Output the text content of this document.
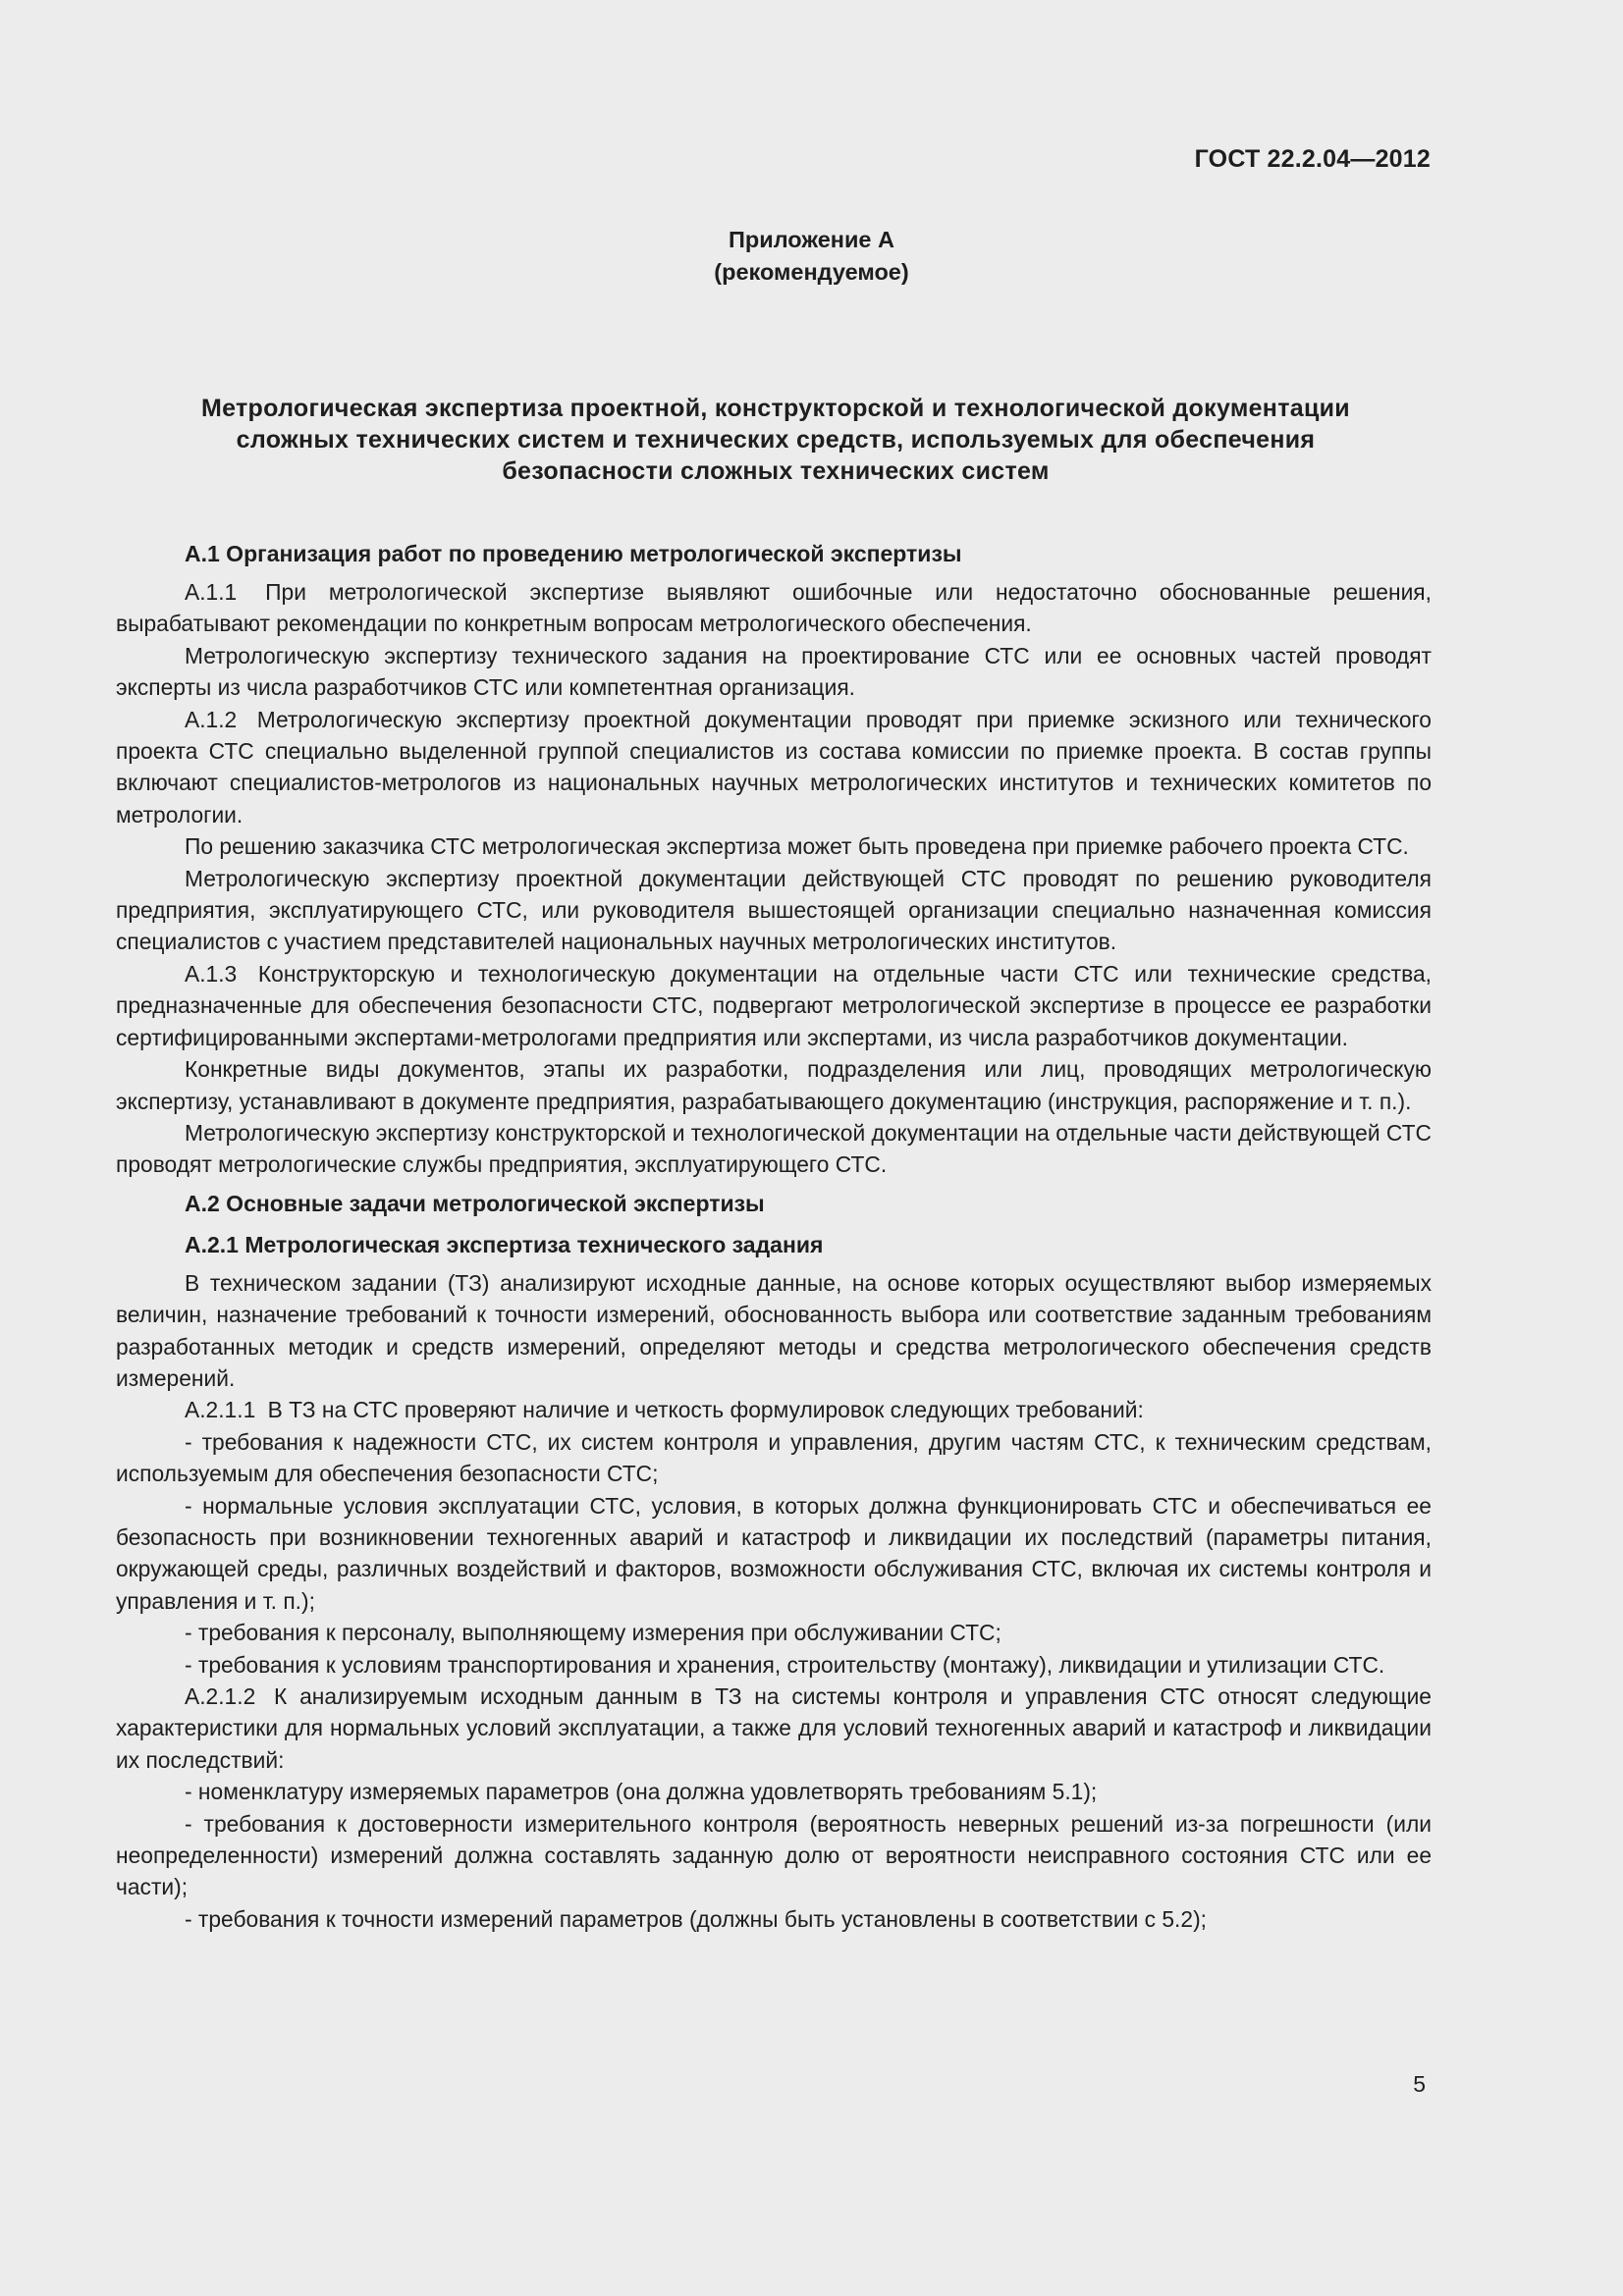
ГОСТ 22.2.04—2012
Приложение А
(рекомендуемое)
Метрологическая экспертиза проектной, конструкторской и технологической документации
сложных технических систем и технических средств, используемых для обеспечения
безопасности сложных технических систем
А.1 Организация работ по проведению метрологической экспертизы

А.1.1 При метрологической экспертизе выявляют ошибочные или недостаточно обоснованные решения, вырабатывают рекомендации по конкретным вопросам метрологического обеспечения.

Метрологическую экспертизу технического задания на проектирование СТС или ее основных частей проводят эксперты из числа разработчиков СТС или компетентная организация.

А.1.2 Метрологическую экспертизу проектной документации проводят при приемке эскизного или технического проекта СТС специально выделенной группой специалистов из состава комиссии по приемке проекта. В состав группы включают специалистов-метрологов из национальных научных метрологических институтов и технических комитетов по метрологии.

По решению заказчика СТС метрологическая экспертиза может быть проведена при приемке рабочего проекта СТС.

Метрологическую экспертизу проектной документации действующей СТС проводят по решению руководителя предприятия, эксплуатирующего СТС, или руководителя вышестоящей организации специально назначенная комиссия специалистов с участием представителей национальных научных метрологических институтов.

А.1.3 Конструкторскую и технологическую документации на отдельные части СТС или технические средства, предназначенные для обеспечения безопасности СТС, подвергают метрологической экспертизе в процессе ее разработки сертифицированными экспертами-метрологами предприятия или экспертами, из числа разработчиков документации.

Конкретные виды документов, этапы их разработки, подразделения или лиц, проводящих метрологическую экспертизу, устанавливают в документе предприятия, разрабатывающего документацию (инструкция, распоряжение и т. п.).

Метрологическую экспертизу конструкторской и технологической документации на отдельные части действующей СТС проводят метрологические службы предприятия, эксплуатирующего СТС.

А.2 Основные задачи метрологической экспертизы
А.2.1 Метрологическая экспертиза технического задания

В техническом задании (ТЗ) анализируют исходные данные, на основе которых осуществляют выбор измеряемых величин, назначение требований к точности измерений, обоснованность выбора или соответствие заданным требованиям разработанных методик и средств измерений, определяют методы и средства метрологического обеспечения средств измерений.

А.2.1.1 В ТЗ на СТС проверяют наличие и четкость формулировок следующих требований:

- требования к надежности СТС, их систем контроля и управления, другим частям СТС, к техническим средствам, используемым для обеспечения безопасности СТС;

- нормальные условия эксплуатации СТС, условия, в которых должна функционировать СТС и обеспечиваться ее безопасность при возникновении техногенных аварий и катастроф и ликвидации их последствий (параметры питания, окружающей среды, различных воздействий и факторов, возможности обслуживания СТС, включая их системы контроля и управления и т. п.);

- требования к персоналу, выполняющему измерения при обслуживании СТС;

- требования к условиям транспортирования и хранения, строительству (монтажу), ликвидации и утилизации СТС.

А.2.1.2 К анализируемым исходным данным в ТЗ на системы контроля и управления СТС относят следующие характеристики для нормальных условий эксплуатации, а также для условий техногенных аварий и катастроф и ликвидации их последствий:

- номенклатуру измеряемых параметров (она должна удовлетворять требованиям 5.1);

- требования к достоверности измерительного контроля (вероятность неверных решений из-за погрешности (или неопределенности) измерений должна составлять заданную долю от вероятности неисправного состояния СТС или ее части);

- требования к точности измерений параметров (должны быть установлены в соответствии с 5.2);

5
